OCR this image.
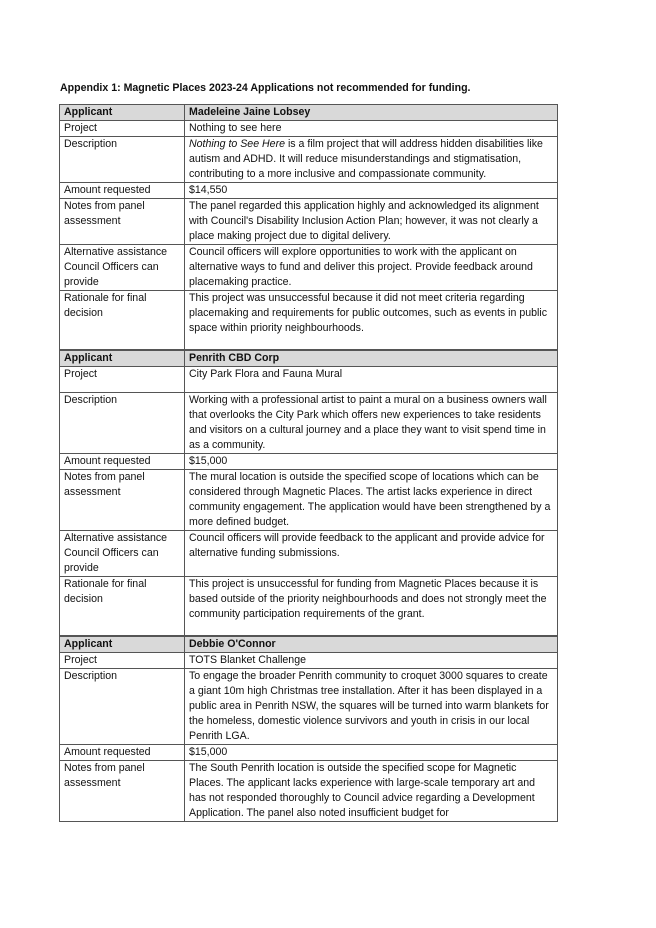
Appendix 1: Magnetic Places 2023-24 Applications not recommended for funding.
Applicant	Madeleine Jaine Lobsey
Project	Nothing to see here
Description	Nothing to See Here is a film project that will address hidden disabilities like autism and ADHD. It will reduce misunderstandings and stigmatisation, contributing to a more inclusive and compassionate community.
Amount requested	$14,550
Notes from panel assessment	The panel regarded this application highly and acknowledged its alignment with Council's Disability Inclusion Action Plan; however, it was not clearly a place making project due to digital delivery.
Alternative assistance Council Officers can provide	Council officers will explore opportunities to work with the applicant on alternative ways to fund and deliver this project. Provide feedback around placemaking practice.
Rationale for final decision	This project was unsuccessful because it did not meet criteria regarding placemaking and requirements for public outcomes, such as events in public space within priority neighbourhoods.
Applicant	Penrith CBD Corp
Project	City Park Flora and Fauna Mural

Description	Working with a professional artist to paint a mural on a business owners wall that overlooks the City Park which offers new experiences to take residents and visitors on a cultural journey and a place they want to visit spend time in as a community.
Amount requested	$15,000
Notes from panel assessment	The mural location is outside the specified scope of locations which can be considered through Magnetic Places. The artist lacks experience in direct community engagement. The application would have been strengthened by a more defined budget.
Alternative assistance Council Officers can provide	Council officers will provide feedback to the applicant and provide advice for alternative funding submissions.
Rationale for final decision	This project is unsuccessful for funding from Magnetic Places because it is based outside of the priority neighbourhoods and does not strongly meet the community participation requirements of the grant.
Applicant	Debbie O'Connor
Project	TOTS Blanket Challenge
Description	To engage the broader Penrith community to croquet 3000 squares to create a giant 10m high Christmas tree installation. After it has been displayed in a public area in Penrith NSW, the squares will be turned into warm blankets for the homeless, domestic violence survivors and youth in crisis in our local Penrith LGA.
Amount requested	$15,000
Notes from panel assessment	The South Penrith location is outside the specified scope for Magnetic Places. The applicant lacks experience with large-scale temporary art and has not responded thoroughly to Council advice regarding a Development Application. The panel also noted insufficient budget for
